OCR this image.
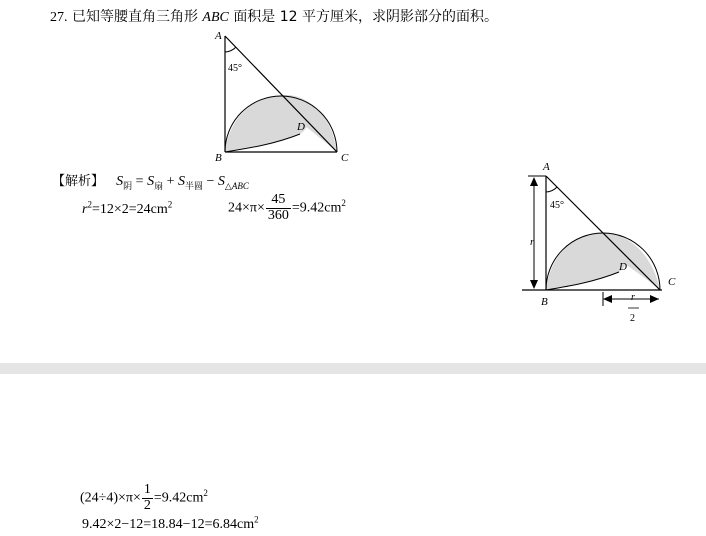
27. 已知等腰直角三角形 ABC 面积是 12 平方厘米，求阴影部分的面积。
A
45°
B	C
D
A
45°
r
B
C
D
r
2
【解析】 $S_阴 = S_扇 + S_{半圆} - S_{\triangle ABC}$
$r^2=12\times 2=24cm^2$	$24\times\pi\times \frac{45}{360} =9.42cm^2$
$(24\div 4)\times\pi\times \frac{1}{2} =9.42cm^2$
$9.42\times 2-12=18.84-12=6.84cm^2$
